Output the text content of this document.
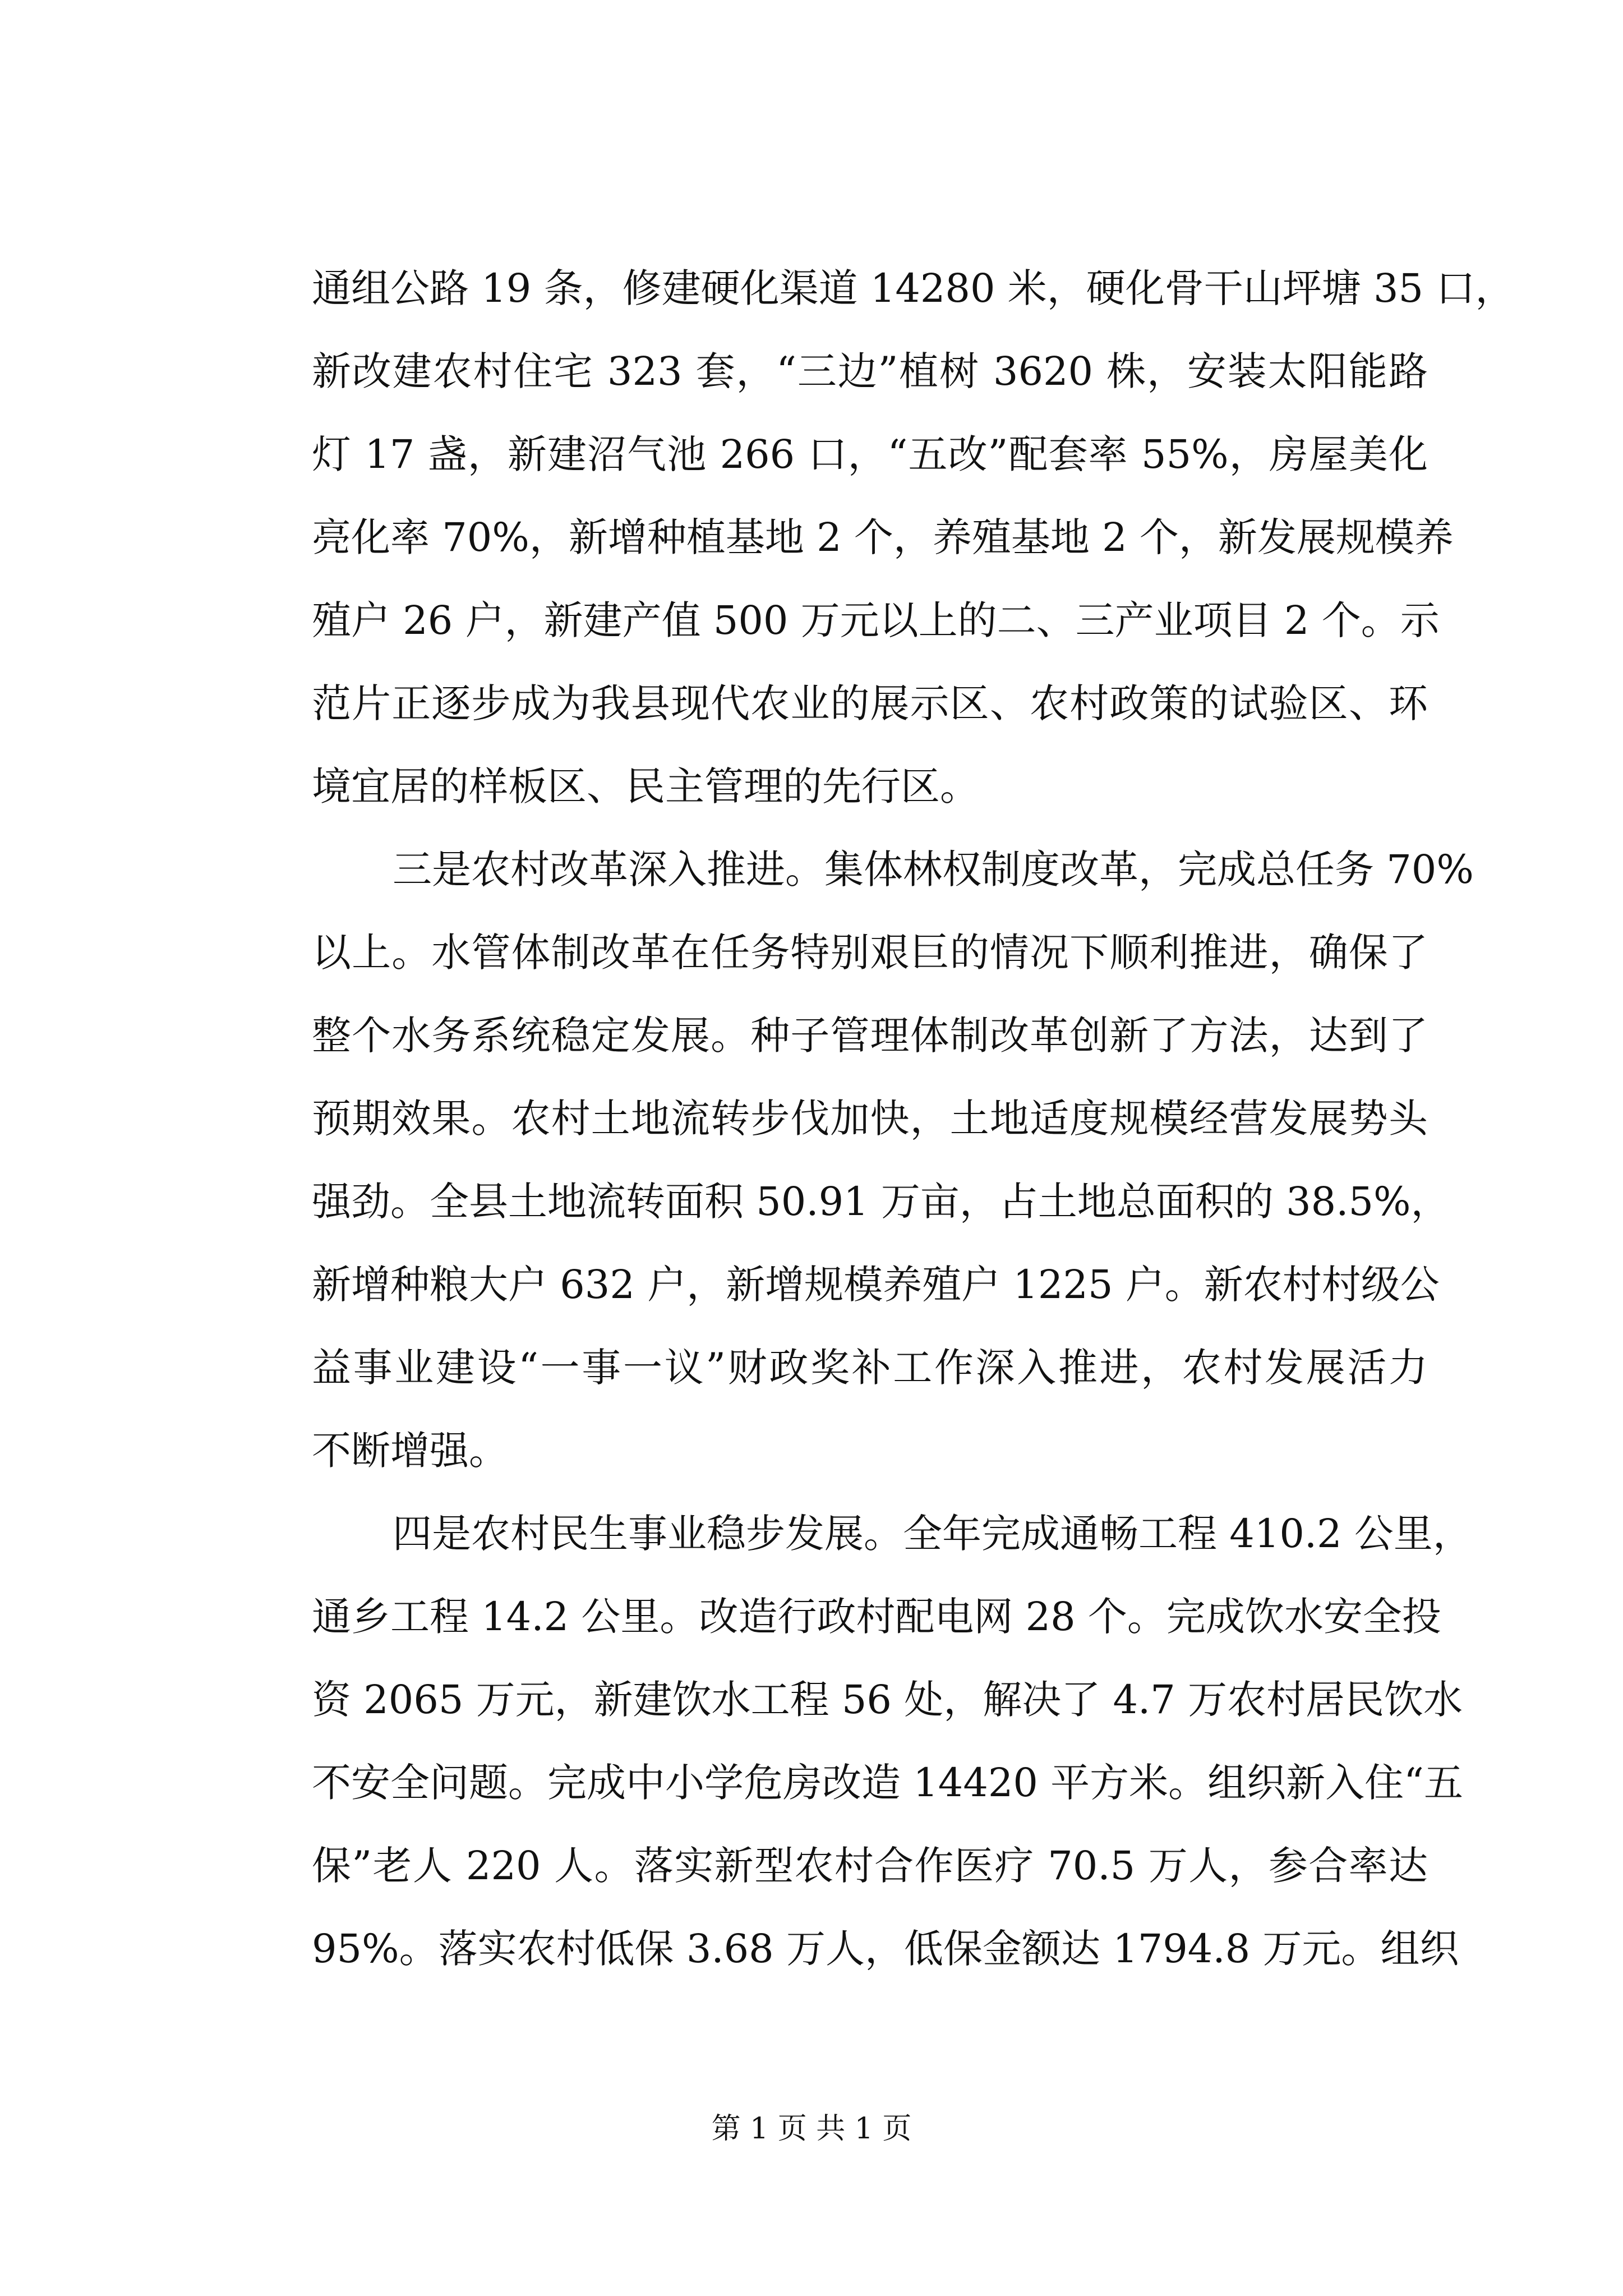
通组公路 19 条，修建硬化渠道 14280 米，硬化骨干山坪塘 35 口，
新改建农村住宅 323 套，“三边”植树 3620 株，安装太阳能路
灯 17 盏，新建沼气池 266 口，“五改”配套率 55%，房屋美化
亮化率 70%，新增种植基地 2 个，养殖基地 2 个，新发展规模养
殖户 26 户，新建产值 500 万元以上的二、三产业项目 2 个。示
范片正逐步成为我县现代农业的展示区、农村政策的试验区、环
境宜居的样板区、民主管理的先行区。
三是农村改革深入推进。集体林权制度改革，完成总任务 70%
以上。水管体制改革在任务特别艰巨的情况下顺利推进，确保了
整个水务系统稳定发展。种子管理体制改革创新了方法，达到了
预期效果。农村土地流转步伐加快，土地适度规模经营发展势头
强劲。全县土地流转面积 50.91 万亩，占土地总面积的 38.5%，
新增种粮大户 632 户，新增规模养殖户 1225 户。新农村村级公
益事业建设“一事一议”财政奖补工作深入推进，农村发展活力
不断增强。
四是农村民生事业稳步发展。全年完成通畅工程 410.2 公里，
通乡工程 14.2 公里。改造行政村配电网 28 个。完成饮水安全投
资 2065 万元，新建饮水工程 56 处，解决了 4.7 万农村居民饮水
不安全问题。完成中小学危房改造 14420 平方米。组织新入住“五
保”老人 220 人。落实新型农村合作医疗 70.5 万人，参合率达
95%。落实农村低保 3.68 万人，低保金额达 1794.8 万元。组织
第 1 页 共 1 页
